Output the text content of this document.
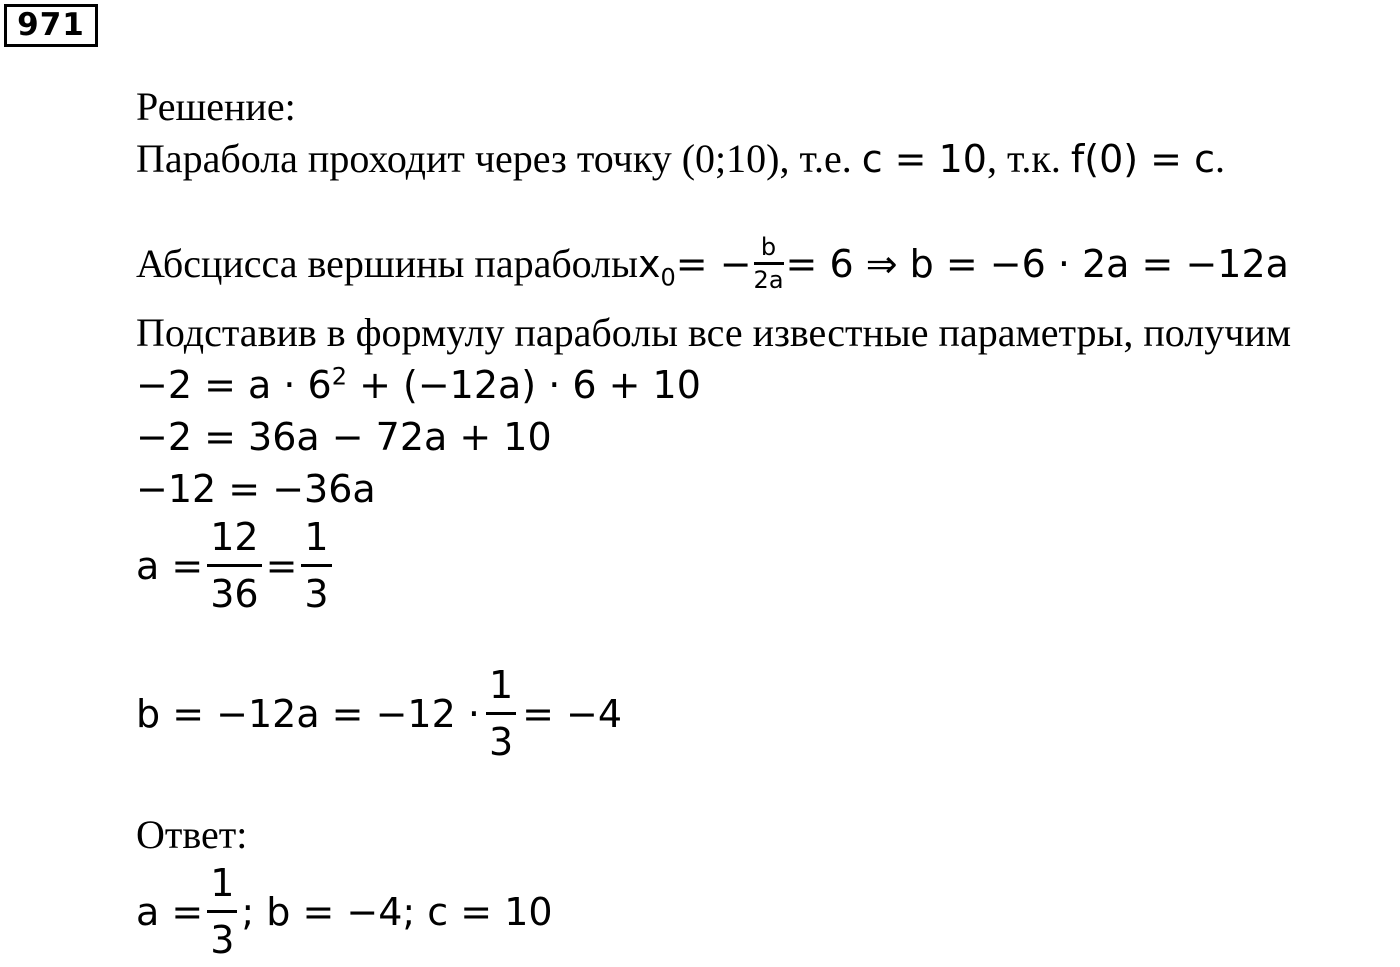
971
Решение:
Парабола проходит через точку (0;10), т.е. c = 10, т.к. f(0) = c.
Абсцисса вершины параболы $x_0$ = − $\frac{b}{2a} = 6$ ⇒ b = −6 · 2a = −12a
Подставив в формулу параболы все известные параметры, получим
$-2 = a \cdot 6^2 + (-12a) \cdot 6 + 10$
−2 = 36a − 72a + 10
−12 = −36a
$a = \frac{12}{36} = \frac{1}{3}$
$b = -12a = -12 \cdot \frac{1}{3} = -4$
Ответ:
$a = \frac{1}{3}$ ; b = −4; c = 10
